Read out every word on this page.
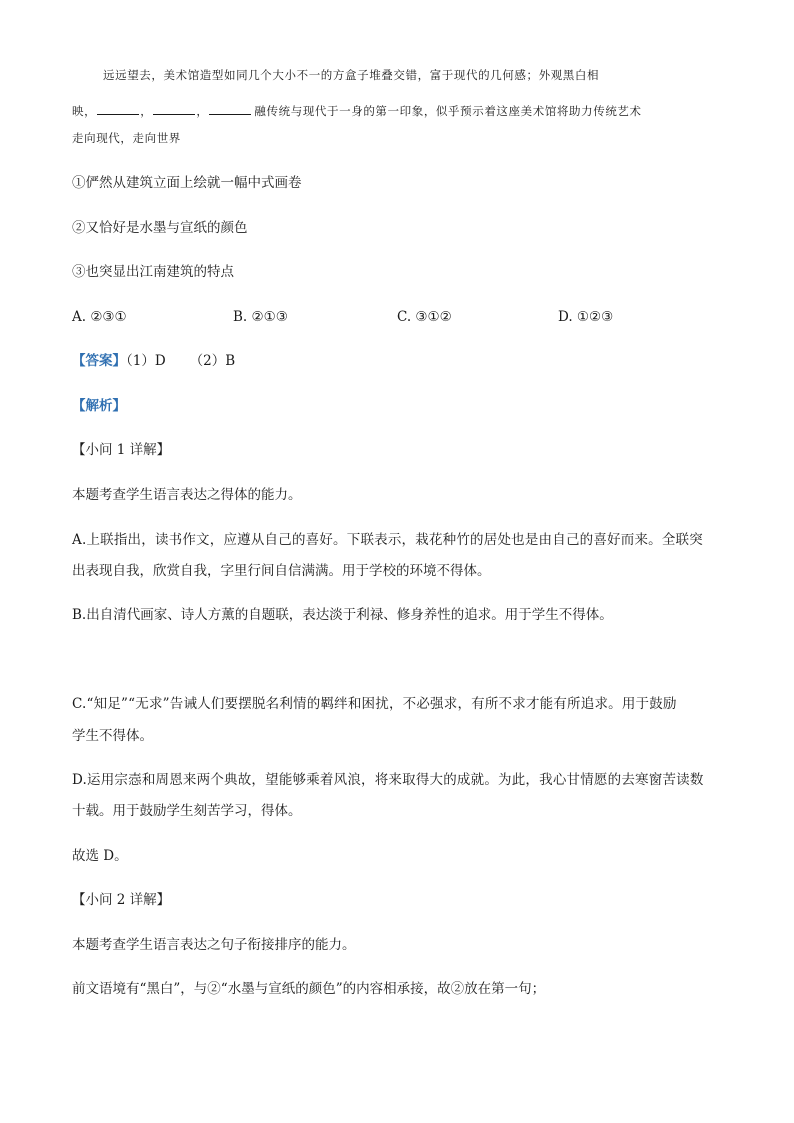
远远望去，美术馆造型如同几个大小不一的方盒子堆叠交错，富于现代的几何感；外观黑白相
映，	，	，	融传统与现代于一身的第一印象，似乎预示着这座美术馆将助力传统艺术
走向现代，走向世界
①俨然从建筑立面上绘就一幅中式画卷
②又恰好是水墨与宣纸的颜色
③也突显出江南建筑的特点
A. ②③①	B. ②①③	C. ③①②	D. ①②③
【答案】（1）D （2）B
【解析】
【小问 1 详解】
本题考查学生语言表达之得体的能力。
A.上联指出，读书作文，应遵从自己的喜好。下联表示，栽花种竹的居处也是由自己的喜好而来。全联突
出表现自我，欣赏自我，字里行间自信满满。用于学校的环境不得体。
B.出自清代画家、诗人方薰的自题联，表达淡于利禄、修身养性的追求。用于学生不得体。
C.“知足”“无求”告诫人们要摆脱名利情的羁绊和困扰，不必强求，有所不求才能有所追求。用于鼓励
学生不得体。
D.运用宗悫和周恩来两个典故，望能够乘着风浪，将来取得大的成就。为此，我心甘情愿的去寒窗苦读数
十载。用于鼓励学生刻苦学习，得体。
故选 D。
【小问 2 详解】
本题考查学生语言表达之句子衔接排序的能力。
前文语境有“黑白”，与②“水墨与宣纸的颜色”的内容相承接，故②放在第一句；
